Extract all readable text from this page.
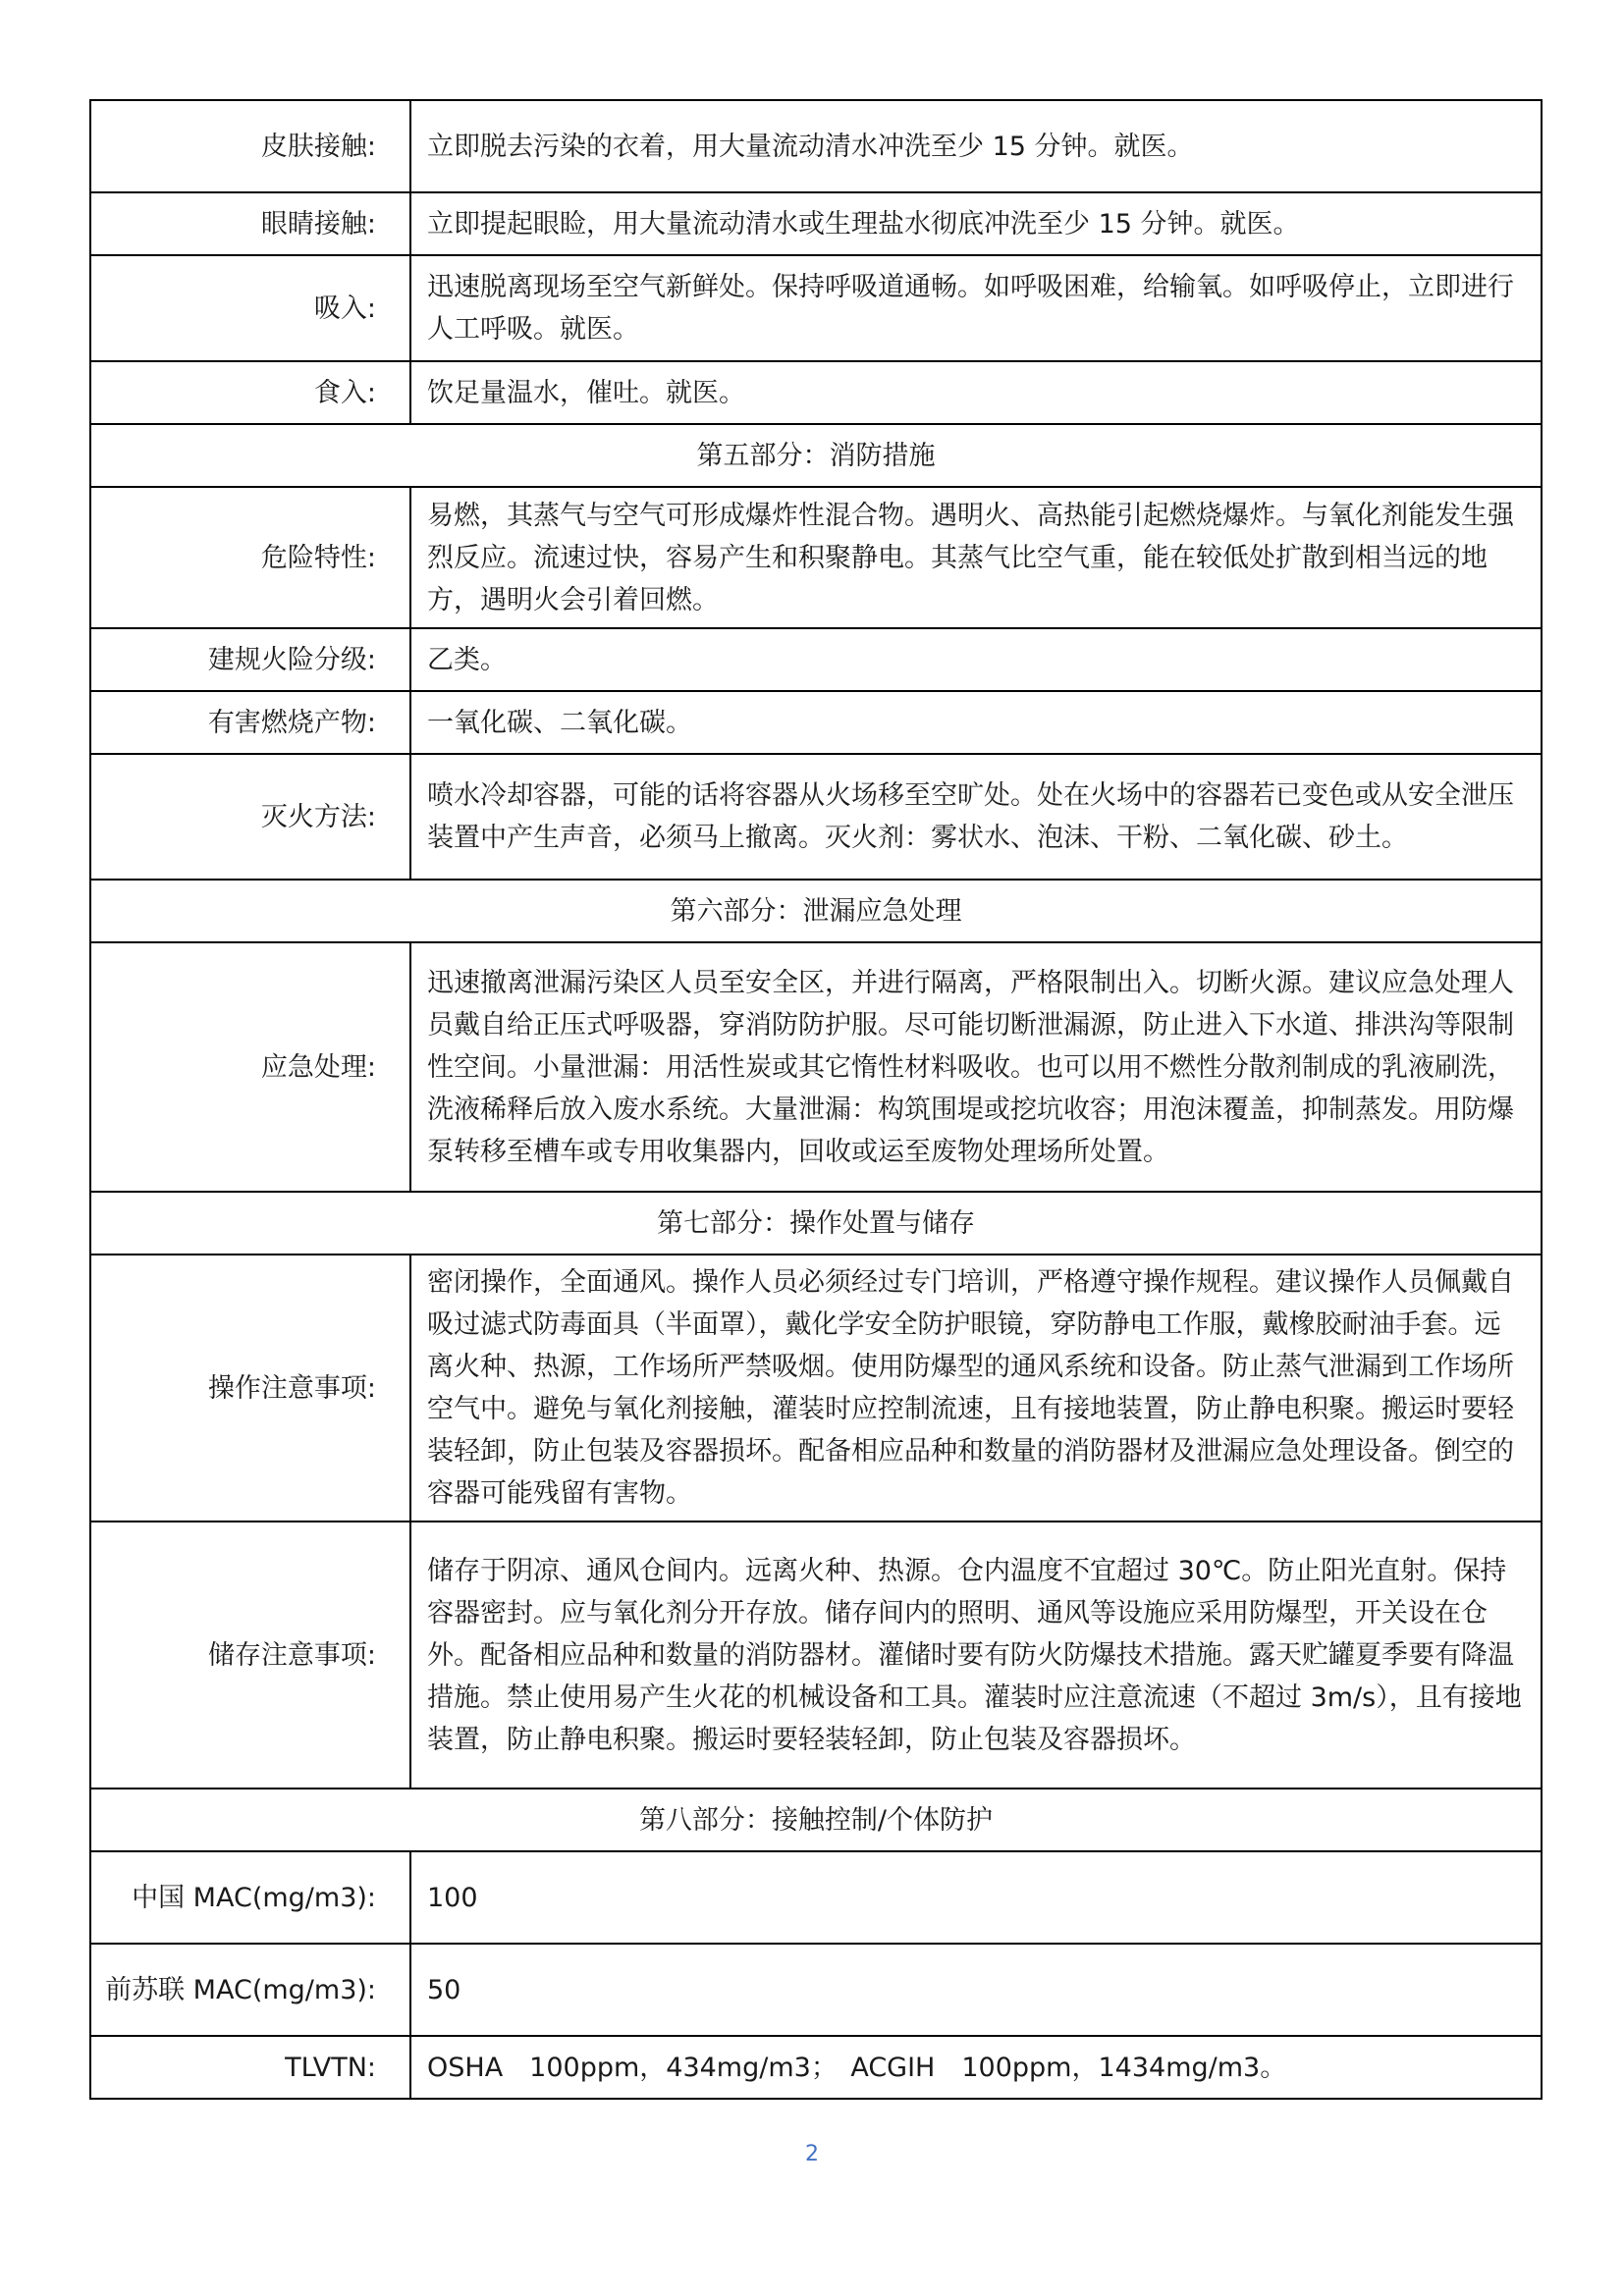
皮肤接触:	立即脱去污染的衣着，用大量流动清水冲洗至少 15 分钟。就医。

眼睛接触:	立即提起眼睑，用大量流动清水或生理盐水彻底冲洗至少 15 分钟。就医。

吸入:	迅速脱离现场至空气新鲜处。保持呼吸道通畅。如呼吸困难，给输氧。如呼吸停止，立即进行人工呼吸。就医。

食入:	饮足量温水，催吐。就医。

第五部分：消防措施	
危险特性:	易燃，其蒸气与空气可形成爆炸性混合物。遇明火、高热能引起燃烧爆炸。与氧化剂能发生强烈反应。流速过快，容易产生和积聚静电。其蒸气比空气重，能在较低处扩散到相当远的地方，遇明火会引着回燃。

建规火险分级:	乙类。

有害燃烧产物:	一氧化碳、二氧化碳。

灭火方法:	喷水冷却容器，可能的话将容器从火场移至空旷处。处在火场中的容器若已变色或从安全泄压装置中产生声音，必须马上撤离。灭火剂：雾状水、泡沫、干粉、二氧化碳、砂土。

第六部分：泄漏应急处理	
应急处理:	迅速撤离泄漏污染区人员至安全区，并进行隔离，严格限制出入。切断火源。建议应急处理人员戴自给正压式呼吸器，穿消防防护服。尽可能切断泄漏源，防止进入下水道、排洪沟等限制性空间。小量泄漏：用活性炭或其它惰性材料吸收。也可以用不燃性分散剂制成的乳液刷洗，洗液稀释后放入废水系统。大量泄漏：构筑围堤或挖坑收容；用泡沫覆盖，抑制蒸发。用防爆泵转移至槽车或专用收集器内，回收或运至废物处理场所处置。

第七部分：操作处置与储存	
操作注意事项:	密闭操作，全面通风。操作人员必须经过专门培训，严格遵守操作规程。建议操作人员佩戴自吸过滤式防毒面具（半面罩），戴化学安全防护眼镜，穿防静电工作服，戴橡胶耐油手套。远离火种、热源，工作场所严禁吸烟。使用防爆型的通风系统和设备。防止蒸气泄漏到工作场所空气中。避免与氧化剂接触，灌装时应控制流速，且有接地装置，防止静电积聚。搬运时要轻装轻卸，防止包装及容器损坏。配备相应品种和数量的消防器材及泄漏应急处理设备。倒空的容器可能残留有害物。

储存注意事项:	储存于阴凉、通风仓间内。远离火种、热源。仓内温度不宜超过 30℃。防止阳光直射。保持容器密封。应与氧化剂分开存放。储存间内的照明、通风等设施应采用防爆型，开关设在仓外。配备相应品种和数量的消防器材。灌储时要有防火防爆技术措施。露天贮罐夏季要有降温措施。禁止使用易产生火花的机械设备和工具。灌装时应注意流速（不超过 3m/s），且有接地装置，防止静电积聚。搬运时要轻装轻卸，防止包装及容器损坏。

第八部分：接触控制/个体防护	
中国 MAC(mg/m3):	100

前苏联 MAC(mg/m3):	50

TLVTN:	OSHA　100ppm，434mg/m3；　ACGIH　100ppm，1434mg/m3。
2
